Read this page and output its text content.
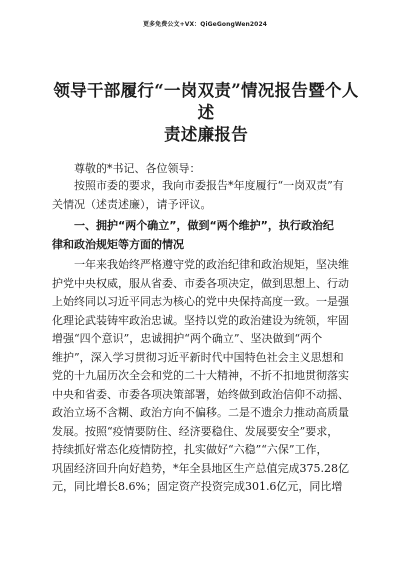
更多免费公文+VX：QiGeGongWen2024
领导干部履行“一岗双责”情况报告暨个人述
责述廉报告
尊敬的*书记、各位领导：

按照市委的要求，我向市委报告*年度履行“一岗双责”有
关情况（述责述廉），请予评议。

一、拥护“两个确立”，做到“两个维护”，执行政治纪
律和政治规矩等方面的情况

一年来我始终严格遵守党的政治纪律和政治规矩，坚决维
护党中央权威，服从省委、市委各项决定，做到思想上、行动
上始终同以习近平同志为核心的党中央保持高度一致。一是强
化理论武装铸牢政治忠诚。坚持以党的政治建设为统领，牢固
增强“四个意识”，忠诚拥护“两个确立”、坚决做到“两个
维护”，深入学习贯彻习近平新时代中国特色社会主义思想和
党的十九届历次全会和党的二十大精神，不折不扣地贯彻落实
中央和省委、市委各项决策部署，始终做到政治信仰不动摇、
政治立场不含糊、政治方向不偏移。二是不遗余力推动高质量
发展。按照“疫情要防住、经济要稳住、发展要安全”要求，
持续抓好常态化疫情防控，扎实做好“六稳”“六保”工作，
巩固经济回升向好趋势，*年全县地区生产总值完成375.28亿
元，同比增长8.6%；固定资产投资完成301.6亿元，同比增
